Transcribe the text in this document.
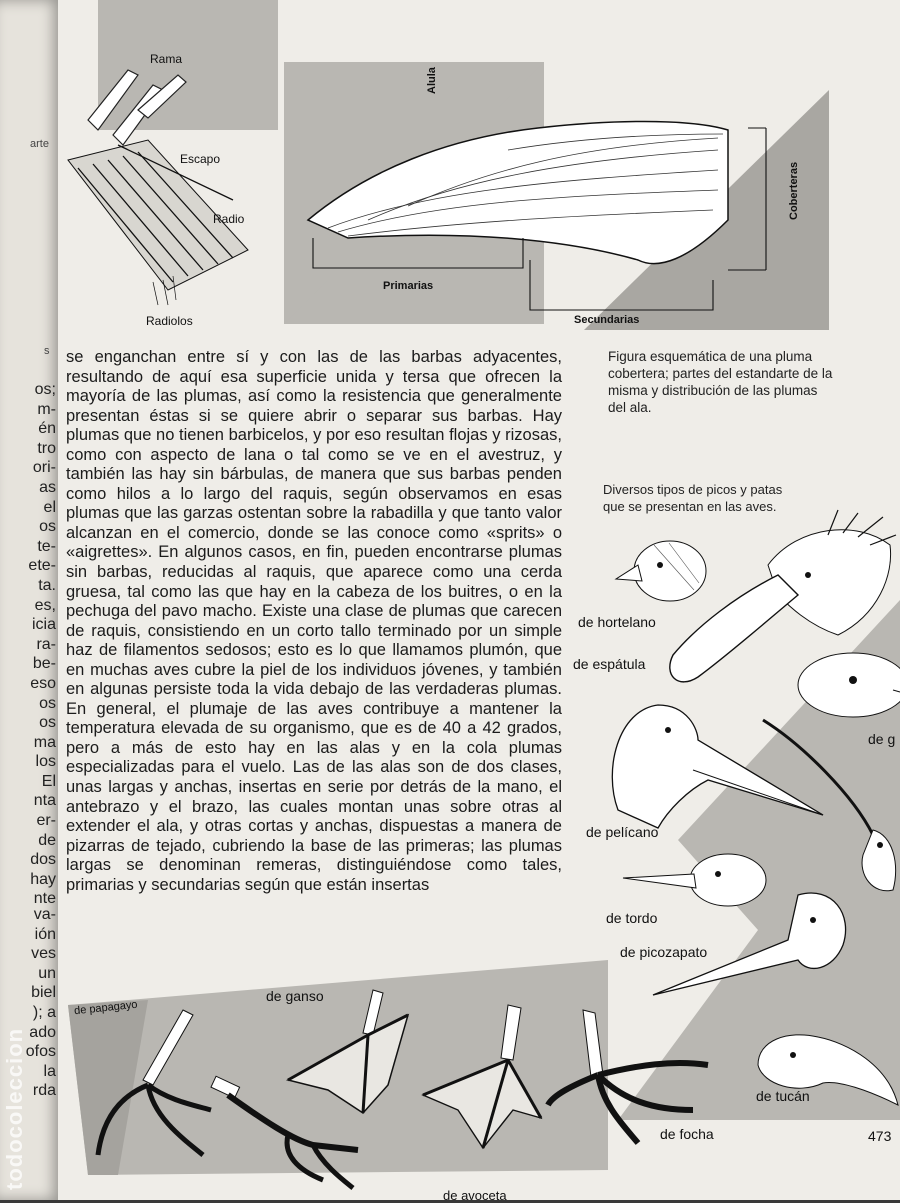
arte
s
os;
m-
én
tro
ori-
as
el
os
te-
ete-
ta.
es,
icia
ra-
be-
eso
os
os
ma
los
El
nta
er-
de
dos
hay
nte
va-
ión
ves
un
biel
); a
ado
ofos
la
rda
todocoleccion
Rama
Escapo
Radio
Radiolos
Alula
Coberteras
Primarias
Secundarias

se enganchan entre sí y con las de las barbas adyacentes, resultando de aquí esa superficie unida y tersa que ofrecen la mayoría de las plumas, así como la resistencia que generalmente presentan éstas si se quiere abrir o separar sus barbas. Hay plumas que no tienen barbicelos, y por eso resultan flojas y rizosas, como con aspecto de lana o tal como se ve en el avestruz, y también las hay sin bárbulas, de manera que sus barbas penden como hilos a lo largo del raquis, según observamos en esas plumas que las garzas ostentan sobre la rabadilla y que tanto valor alcanzan en el comercio, donde se las conoce como «sprits» o «aigrettes». En algunos casos, en fin, pueden encontrarse plumas sin barbas, reducidas al raquis, que aparece como una cerda gruesa, tal como las que hay en la cabeza de los buitres, o en la pechuga del pavo macho. Existe una clase de plumas que carecen de raquis, consistiendo en un corto tallo terminado por un simple haz de filamentos sedosos; esto es lo que llamamos plumón, que en muchas aves cubre la piel de los individuos jóvenes, y también en algunas persiste toda la vida debajo de las verdaderas plumas. En general, el plumaje de las aves contribuye a mantener la temperatura elevada de su organismo, que es de 40 a 42 grados, pero a más de esto hay en las alas y en la cola plumas especializadas para el vuelo. Las de las alas son de dos clases, unas largas y anchas, insertas en serie por detrás de la mano, el antebrazo y el brazo, las cuales montan unas sobre otras al extender el ala, y otras cortas y anchas, dispuestas a manera de pizarras de tejado, cubriendo la base de las primeras; las plumas largas se denominan remeras, distinguiéndose como tales, primarias y secundarias según que están insertas

Figura esquemática de una pluma cobertera; partes del estandarte de la misma y distribución de las plumas del ala.
Diversos tipos de picos y patas que se presentan en las aves.
de hortelano
de espátula
de g
de pelícano
de tordo
de picozapato
de tucán
de ganso
de papagayo
de focha
de avoceta
473
